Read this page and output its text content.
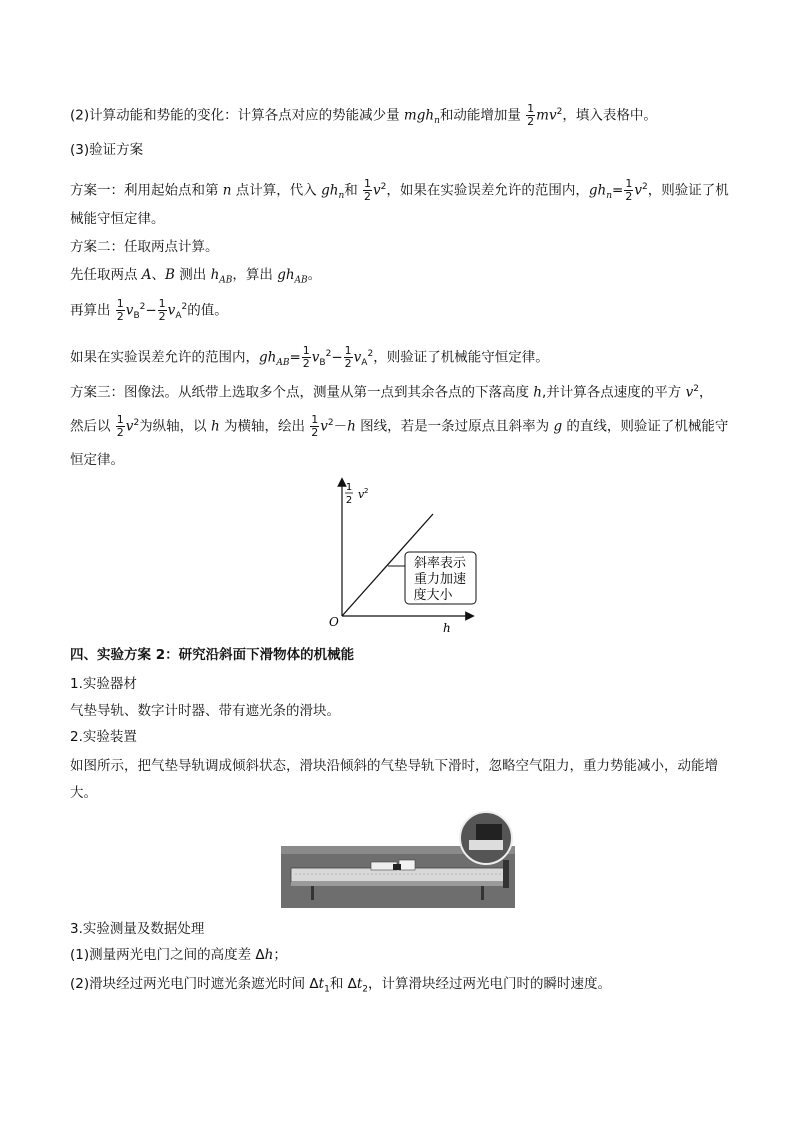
(2)计算动能和势能的变化：计算各点对应的势能减少量 mgh$_n$和动能增加量 $\frac{1}{2} mv^2$，填入表格中。
(3)验证方案
方案一：利用起始点和第 n 点计算，代入 $gh_n$和 $\frac{1}{2} v^2$，如果在实验误差允许的范围内，$gh_n= \frac{1}{2} v^2$，则验证了机
械能守恒定律。
方案二：任取两点计算。
先任取两点 A、B 测出 $h_{AB}$，算出 $gh_{AB}$。
再算出 $\frac{1}{2} v_B^2- \frac{1}{2} v_A^2$的值。
如果在实验误差允许的范围内，$gh_{AB}= \frac{1}{2} v_B^2- \frac{1}{2} v_A^2$，则验证了机械能守恒定律。
方案三：图像法。从纸带上选取多个点，测量从第一点到其余各点的下落高度 h,并计算各点速度的平方 $v^2$，
然后以 $\frac{1}{2} v^2$为纵轴，以 h 为横轴，绘出 $\frac{1}{2} v^2-h$ 图线，若是一条过原点且斜率为 g 的直线，则验证了机械能守
恒定律。
斜率表示
重力加速
度大小
1
2 v 2
O	h
四、实验方案 2：研究沿斜面下滑物体的机械能
1.实验器材
气垫导轨、数字计时器、带有遮光条的滑块。
2.实验装置
如图所示，把气垫导轨调成倾斜状态，滑块沿倾斜的气垫导轨下滑时，忽略空气阻力，重力势能减小，动能增大。
3.实验测量及数据处理
(1)测量两光电门之间的高度差 Δh；
(2)滑块经过两光电门时遮光条遮光时间 $\Delta t_1$和 $\Delta t_2$，计算滑块经过两光电门时的瞬时速度。
